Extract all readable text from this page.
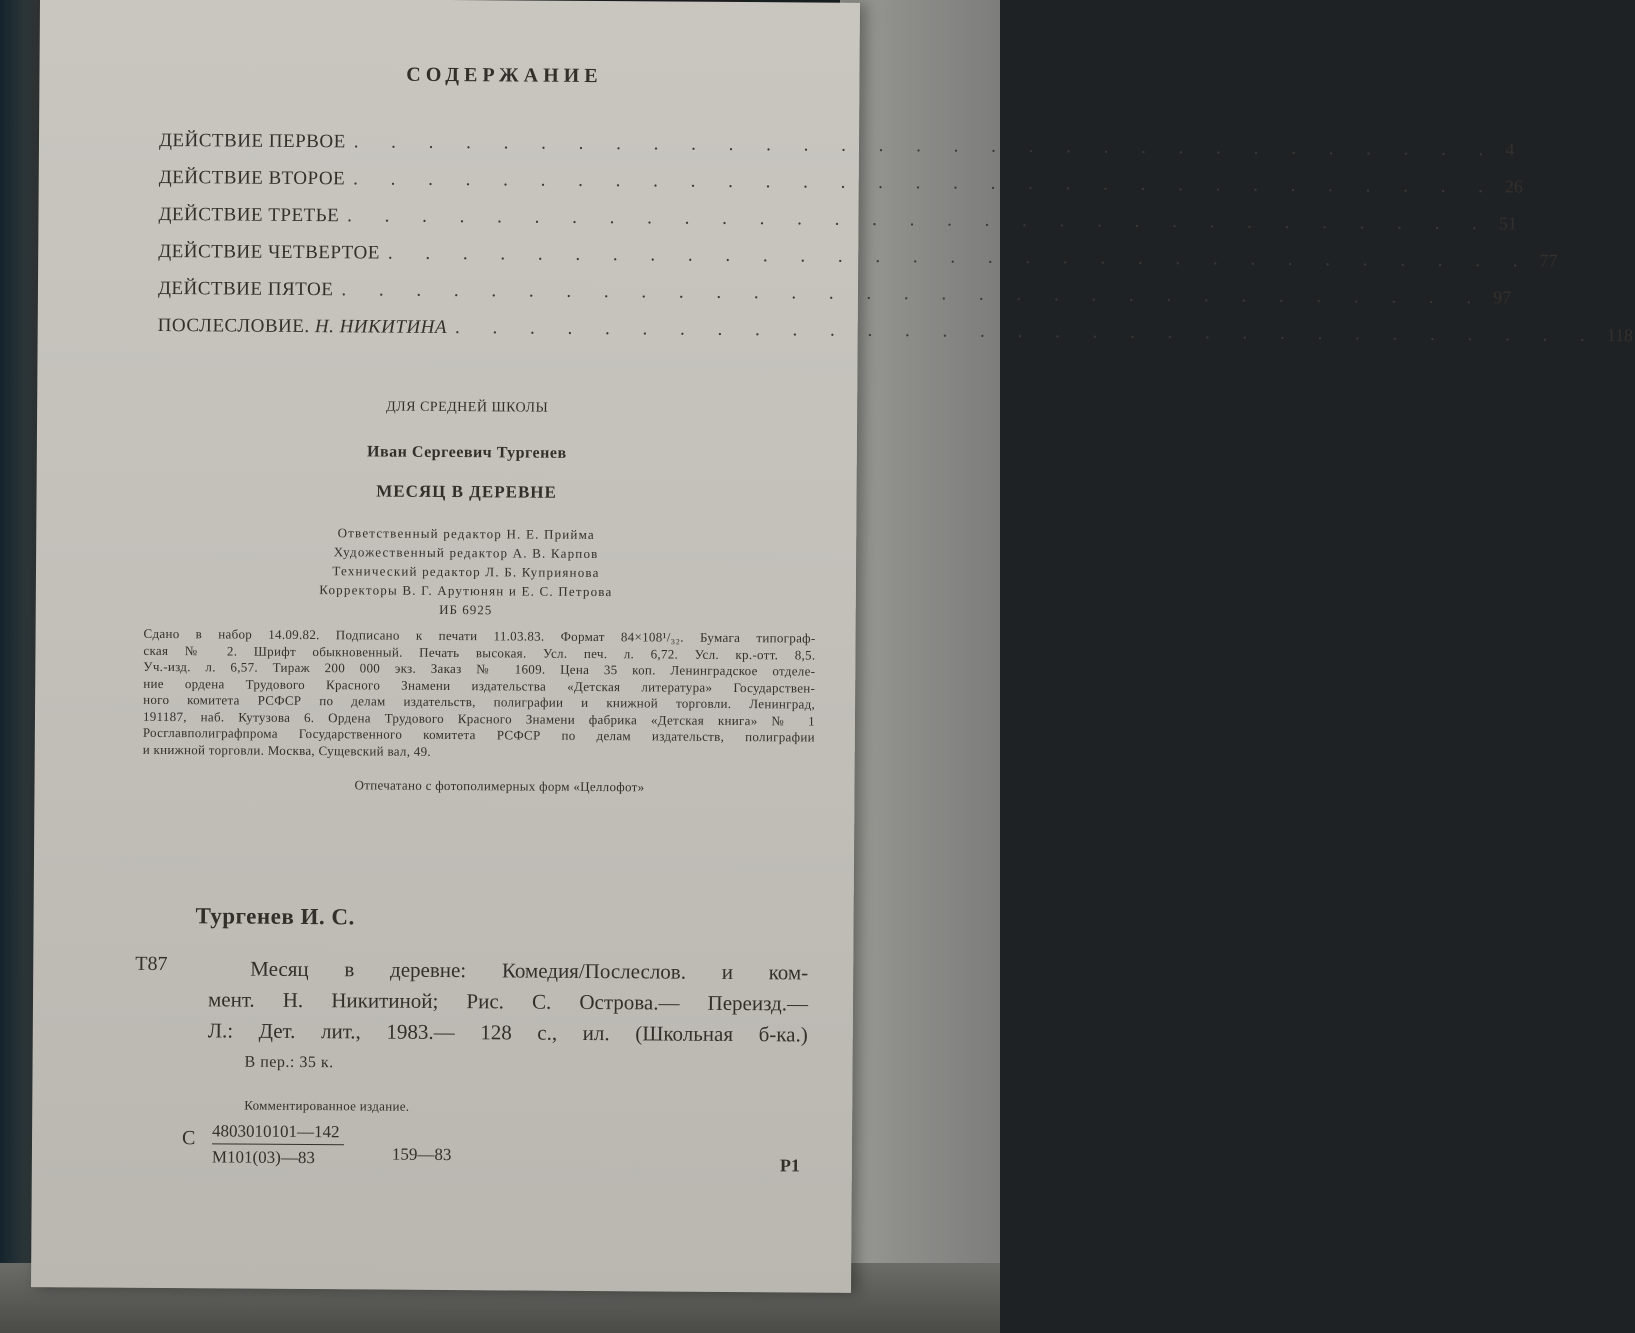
СОДЕРЖАНИЕ
ДЕЙСТВИЕ ПЕРВОЕ . . . . . . . . . . . . . . . . . . . . . . . . . . . . . . . 4
ДЕЙСТВИЕ ВТОРОЕ . . . . . . . . . . . . . . . . . . . . . . . . . . . . . . . 26
ДЕЙСТВИЕ ТРЕТЬЕ . . . . . . . . . . . . . . . . . . . . . . . . . . . . . . . 51
ДЕЙСТВИЕ ЧЕТВЕРТОЕ . . . . . . . . . . . . . . . . . . . . . . . . . . . . . . . 77
ДЕЙСТВИЕ ПЯТОЕ . . . . . . . . . . . . . . . . . . . . . . . . . . . . . . . 97
ПОСЛЕСЛОВИЕ. Н. НИКИТИНА . . . . . . . . . . . . . . . . . . . . . . . . . . . . . . . 118
ДЛЯ СРЕДНЕЙ ШКОЛЫ
Иван Сергеевич Тургенев
МЕСЯЦ В ДЕРЕВНЕ
Ответственный редактор Н. Е. Прийма
Художественный редактор А. В. Карпов
Технический редактор Л. Б. Куприянова
Корректоры В. Г. Арутюнян и Е. С. Петрова
ИБ 6925
Сдано в набор 14.09.82. Подписано к печати 11.03.83. Формат 84×108¹/₃₂. Бумага типограф-
ская № 2. Шрифт обыкновенный. Печать высокая. Усл. печ. л. 6,72. Усл. кр.-отт. 8,5.
Уч.-изд. л. 6,57. Тираж 200 000 экз. Заказ № 1609. Цена 35 коп. Ленинградское отделе-
ние ордена Трудового Красного Знамени издательства «Детская литература» Государствен-
ного комитета РСФСР по делам издательств, полиграфии и книжной торговли. Ленинград,
191187, наб. Кутузова 6. Ордена Трудового Красного Знамени фабрика «Детская книга» № 1
Росглавполиграфпрома Государственного комитета РСФСР по делам издательств, полиграфии
и книжной торговли. Москва, Сущевский вал, 49.
Отпечатано с фотополимерных форм «Целлофот»
Тургенев И. С.
Т87	Месяц в деревне: Комедия/Послеслов. и ком-
мент. Н. Никитиной; Рис. С. Острова.— Переизд.—
Л.: Дет. лит., 1983.— 128 с., ил. (Школьная б-ка.)
В пер.: 35 к.
Комментированное издание.
С 4803010101—142
М101(03)—83	159—83
Р1
